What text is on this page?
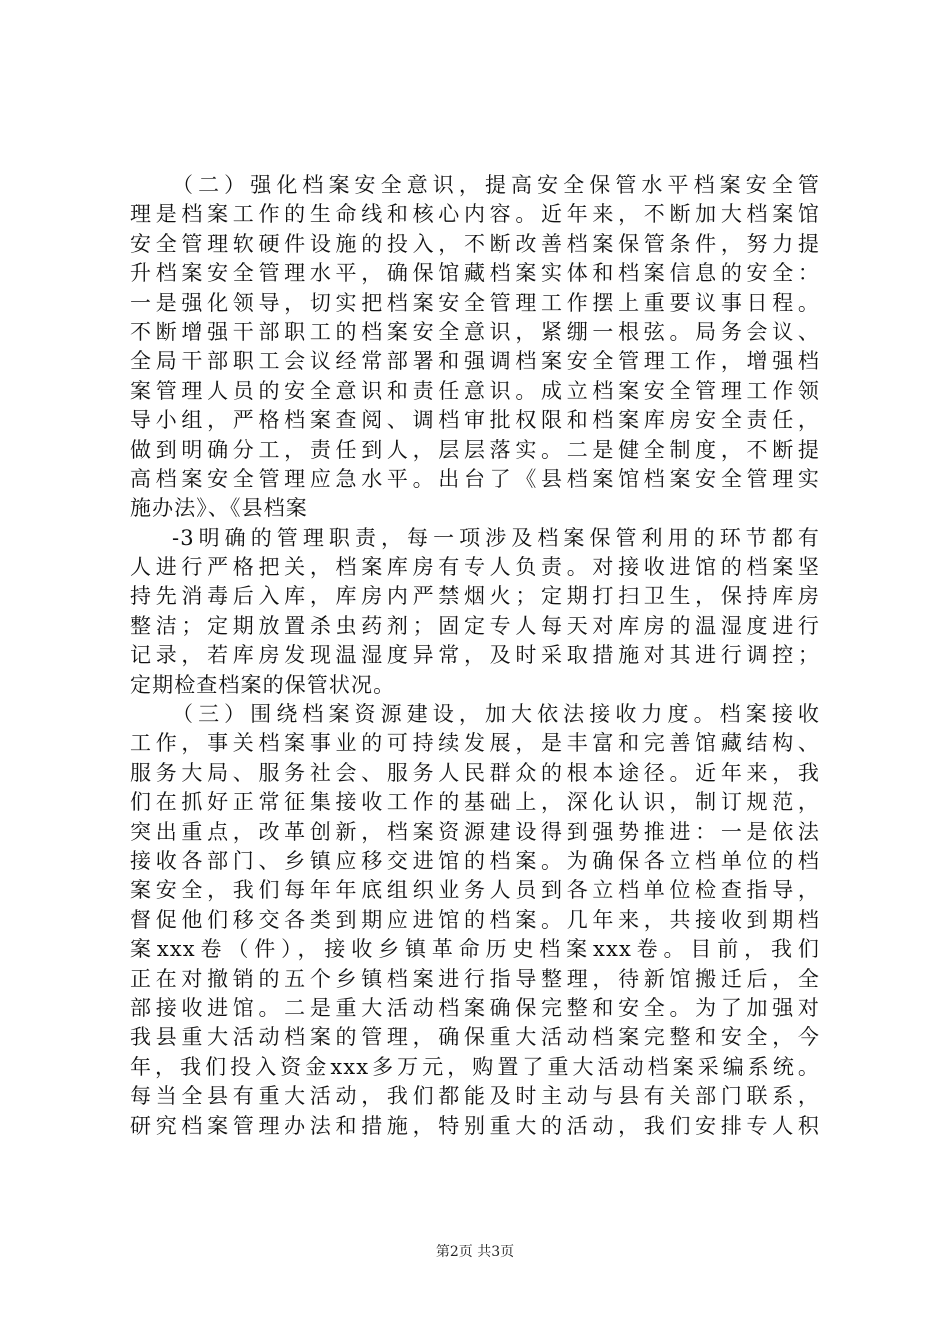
（二）强化档案安全意识，提高安全保管水平档案安全管
理是档案工作的生命线和核心内容。近年来，不断加大档案馆
安全管理软硬件设施的投入，不断改善档案保管条件，努力提
升档案安全管理水平，确保馆藏档案实体和档案信息的安全：
一是强化领导，切实把档案安全管理工作摆上重要议事日程。
不断增强干部职工的档案安全意识，紧绷一根弦。局务会议、
全局干部职工会议经常部署和强调档案安全管理工作，增强档
案管理人员的安全意识和责任意识。成立档案安全管理工作领
导小组，严格档案查阅、调档审批权限和档案库房安全责任，
做到明确分工，责任到人，层层落实。二是健全制度，不断提
高档案安全管理应急水平。出台了《县档案馆档案安全管理实
施办法》、《县档案
-3明确的管理职责，每一项涉及档案保管利用的环节都有
人进行严格把关，档案库房有专人负责。对接收进馆的档案坚
持先消毒后入库，库房内严禁烟火；定期打扫卫生，保持库房
整洁；定期放置杀虫药剂；固定专人每天对库房的温湿度进行
记录，若库房发现温湿度异常，及时采取措施对其进行调控；
定期检查档案的保管状况。
（三）围绕档案资源建设，加大依法接收力度。档案接收
工作，事关档案事业的可持续发展，是丰富和完善馆藏结构、
服务大局、服务社会、服务人民群众的根本途径。近年来，我
们在抓好正常征集接收工作的基础上，深化认识，制订规范，
突出重点，改革创新，档案资源建设得到强势推进：一是依法
接收各部门、乡镇应移交进馆的档案。为确保各立档单位的档
案安全，我们每年年底组织业务人员到各立档单位检查指导，
督促他们移交各类到期应进馆的档案。几年来，共接收到期档
案xxx卷（件），接收乡镇革命历史档案xxx卷。目前，我们
正在对撤销的五个乡镇档案进行指导整理，待新馆搬迁后，全
部接收进馆。二是重大活动档案确保完整和安全。为了加强对
我县重大活动档案的管理，确保重大活动档案完整和安全，今
年，我们投入资金xxx多万元，购置了重大活动档案采编系统。
每当全县有重大活动，我们都能及时主动与县有关部门联系，
研究档案管理办法和措施，特别重大的活动，我们安排专人积
第2页 共3页
